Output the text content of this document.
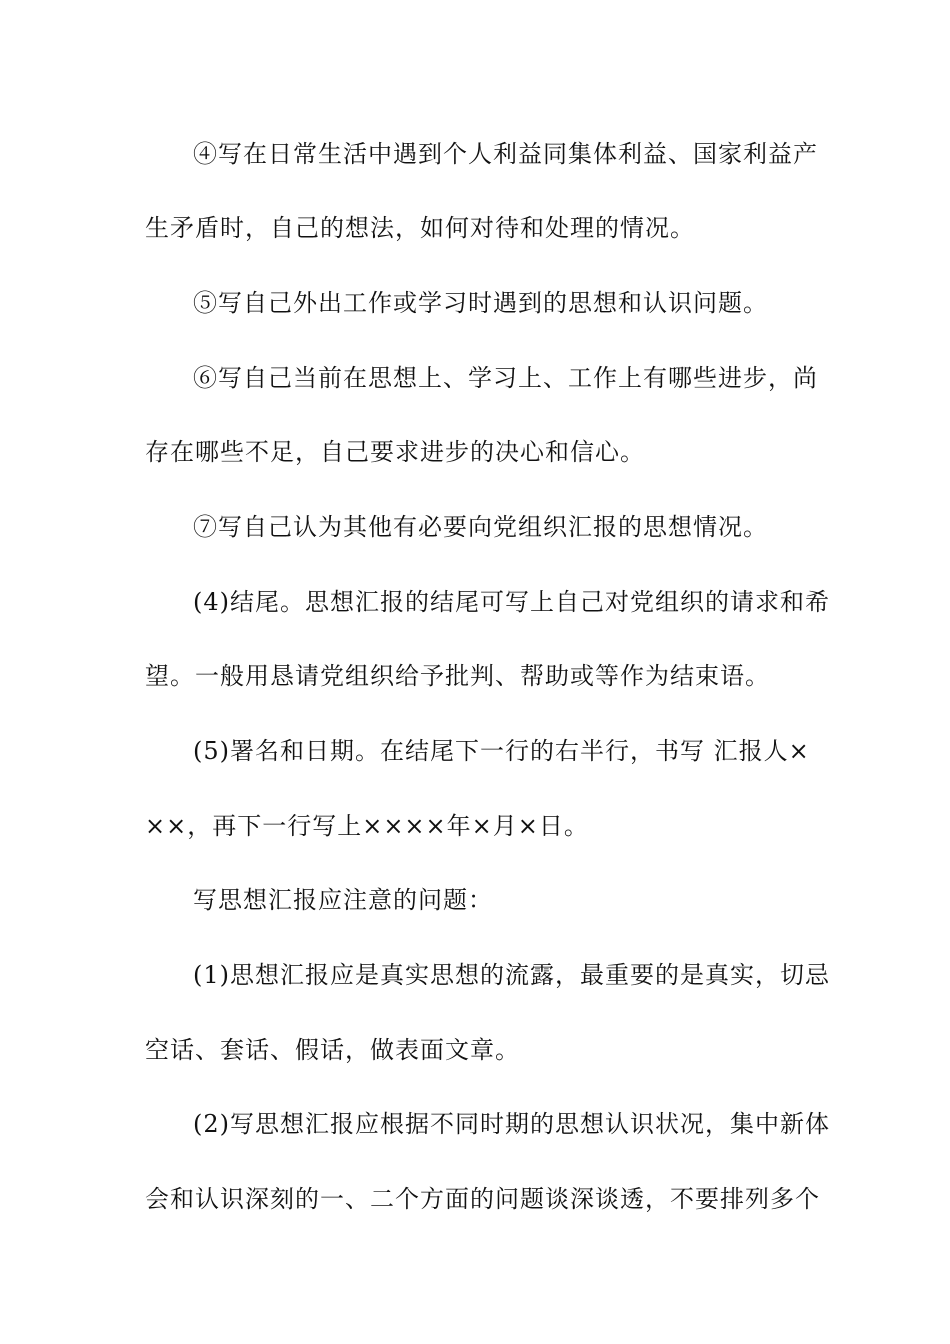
④写在日常生活中遇到个人利益同集体利益、国家利益产

生矛盾时，自己的想法，如何对待和处理的情况。

⑤写自己外出工作或学习时遇到的思想和认识问题。

⑥写自己当前在思想上、学习上、工作上有哪些进步，尚

存在哪些不足，自己要求进步的决心和信心。

⑦写自己认为其他有必要向党组织汇报的思想情况。

(4)结尾。思想汇报的结尾可写上自己对党组织的请求和希

望。一般用恳请党组织给予批判、帮助或等作为结束语。

(5)署名和日期。在结尾下一行的右半行，书写 汇报人×

××，再下一行写上××××年×月×日。

写思想汇报应注意的问题：

(1)思想汇报应是真实思想的流露，最重要的是真实，切忌

空话、套话、假话，做表面文章。

(2)写思想汇报应根据不同时期的思想认识状况，集中新体

会和认识深刻的一、二个方面的问题谈深谈透，不要排列多个
